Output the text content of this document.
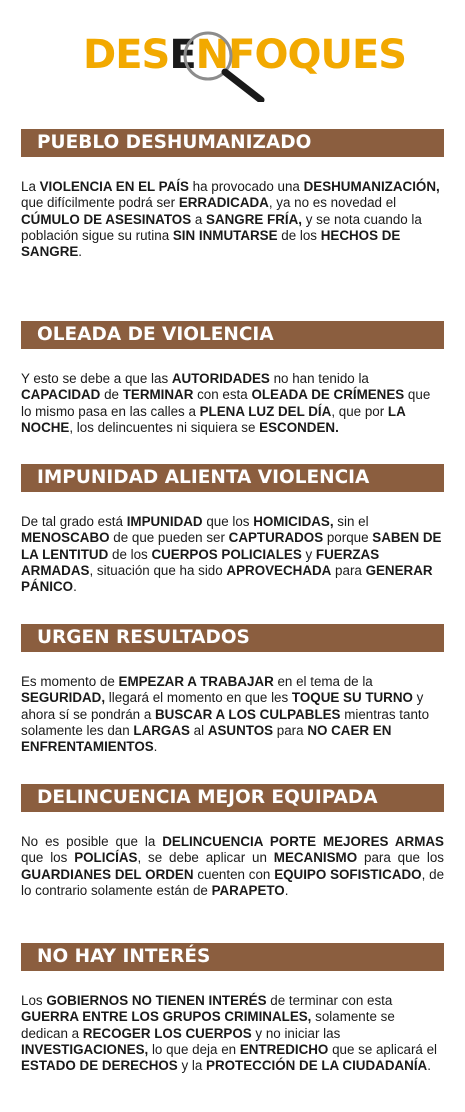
DESENFOQUES
PUEBLO DESHUMANIZADO

La VIOLENCIA EN EL PAÍS ha provocado una DESHUMANIZACIÓN, que difícilmente podrá ser ERRADICADA, ya no es novedad el CÚMULO DE ASESINATOS a SANGRE FRÍA, y se nota cuando la población sigue su rutina SIN INMUTARSE de los HECHOS DE SANGRE.

OLEADA DE VIOLENCIA

Y esto se debe a que las AUTORIDADES no han tenido la CAPACIDAD de TERMINAR con esta OLEADA DE CRÍMENES que lo mismo pasa en las calles a PLENA LUZ DEL DÍA, que por LA NOCHE, los delincuentes ni siquiera se ESCONDEN.

IMPUNIDAD ALIENTA VIOLENCIA

De tal grado está IMPUNIDAD que los HOMICIDAS, sin el MENOSCABO de que pueden ser CAPTURADOS porque SABEN DE LA LENTITUD de los CUERPOS POLICIALES y FUERZAS ARMADAS, situación que ha sido APROVECHADA para GENERAR PÁNICO.

URGEN RESULTADOS

Es momento de EMPEZAR A TRABAJAR en el tema de la SEGURIDAD, llegará el momento en que les TOQUE SU TURNO y ahora sí se pondrán a BUSCAR A LOS CULPABLES mientras tanto solamente les dan LARGAS al ASUNTOS para NO CAER EN ENFRENTAMIENTOS.

DELINCUENCIA MEJOR EQUIPADA

No es posible que la DELINCUENCIA PORTE MEJORES ARMAS que los POLICÍAS, se debe aplicar un MECANISMO para que los GUARDIANES DEL ORDEN cuenten con EQUIPO SOFISTICADO, de lo contrario solamente están de PARAPETO.

NO HAY INTERÉS

Los GOBIERNOS NO TIENEN INTERÉS de terminar con esta GUERRA ENTRE LOS GRUPOS CRIMINALES, solamente se dedican a RECOGER LOS CUERPOS y no iniciar las INVESTIGACIONES, lo que deja en ENTREDICHO que se aplicará el ESTADO DE DERECHOS y la PROTECCIÓN DE LA CIUDADANÍA.
